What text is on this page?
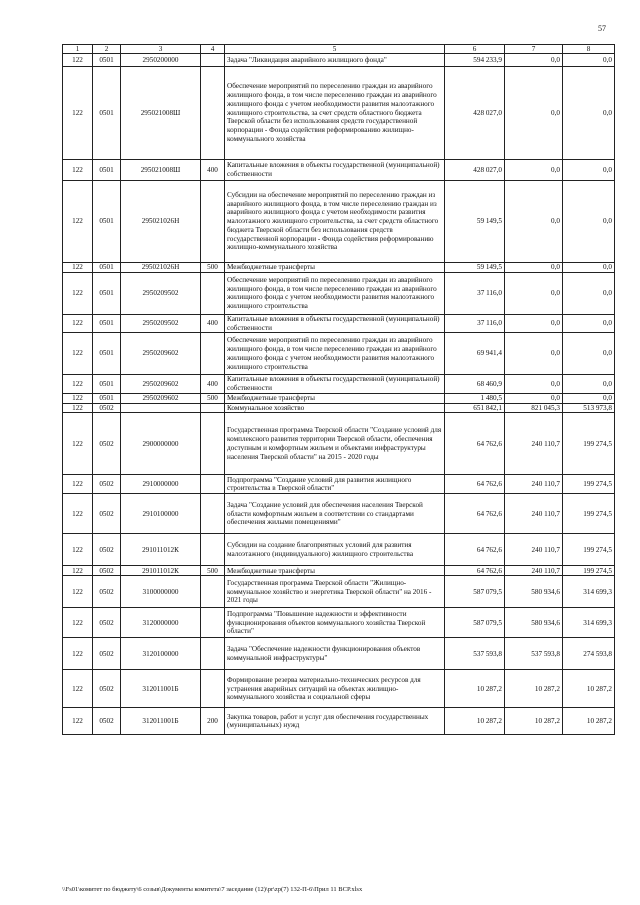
57
1	2	3	4	5	6	7	8
122	0501	2950200000		Задача "Ликвидация аварийного жилищного фонда"	594 233,9	0,0	0,0
122	0501	295021008Ш		Обеспечение мероприятий по переселению граждан из аварийного жилищного фонда, в том числе переселению граждан из аварийного жилищного фонда с учетом необходимости развития малоэтажного жилищного строительства, за счет средств областного бюджета Тверской области без использования средств государственной корпорации - Фонда содействия реформированию жилищно-коммунального хозяйства	428 027,0	0,0	0,0
122	0501	295021008Ш	400	Капитальные вложения в объекты государственной (муниципальной) собственности	428 027,0	0,0	0,0
122	0501	295021026Н		Субсидии на обеспечение мероприятий по переселению граждан из аварийного жилищного фонда, в том числе переселению граждан из аварийного жилищного фонда с учетом необходимости развития малоэтажного жилищного строительства, за счет средств областного бюджета Тверской области без использования средств государственной корпорации - Фонда содействия реформированию жилищно-коммунального хозяйства	59 149,5	0,0	0,0
122	0501	295021026Н	500	Межбюджетные трансферты	59 149,5	0,0	0,0
122	0501	2950209502		Обеспечение мероприятий по переселению граждан из аварийного жилищного фонда, в том числе переселению граждан из аварийного жилищного фонда с учетом необходимости развития малоэтажного жилищного строительства	37 116,0	0,0	0,0
122	0501	2950209502	400	Капитальные вложения в объекты государственной (муниципальной) собственности	37 116,0	0,0	0,0
122	0501	2950209602		Обеспечение мероприятий по переселению граждан из аварийного жилищного фонда, в том числе переселению граждан из аварийного жилищного фонда с учетом необходимости развития малоэтажного жилищного строительства	69 941,4	0,0	0,0
122	0501	2950209602	400	Капитальные вложения в объекты государственной (муниципальной) собственности	68 460,9	0,0	0,0
122	0501	2950209602	500	Межбюджетные трансферты	1 480,5	0,0	0,0
122	0502			Коммунальное хозяйство	651 842,1	821 045,3	513 973,8
122	0502	2900000000		Государственная программа Тверской области "Создание условий для комплексного развития территории Тверской области, обеспечения доступным и комфортным жильем и объектами инфраструктуры населения Тверской области" на 2015 - 2020 годы	64 762,6	240 110,7	199 274,5
122	0502	2910000000		Подпрограмма "Создание условий для развития жилищного строительства в Тверской области"	64 762,6	240 110,7	199 274,5
122	0502	2910100000		Задача "Создание условий для обеспечения населения Тверской области комфортным жильем в соответствии со стандартами обеспечения жилыми помещениями"	64 762,6	240 110,7	199 274,5
122	0502	291011012К		Субсидии на создание благоприятных условий для развития малоэтажного (индивидуального) жилищного строительства	64 762,6	240 110,7	199 274,5
122	0502	291011012К	500	Межбюджетные трансферты	64 762,6	240 110,7	199 274,5
122	0502	3100000000		Государственная программа Тверской области "Жилищно-коммунальное хозяйство и энергетика Тверской области" на 2016 - 2021 годы	587 079,5	580 934,6	314 699,3
122	0502	3120000000		Подпрограмма "Повышение надежности и эффективности функционирования объектов коммунального хозяйства Тверской области"	587 079,5	580 934,6	314 699,3
122	0502	3120100000		Задача "Обеспечение надежности функционирования объектов коммунальной инфраструктуры"	537 593,8	537 593,8	274 593,8
122	0502	312011001Б		Формирование резерва материально-технических ресурсов для устранения аварийных ситуаций на объектах жилищно-коммунального хозяйства и социальной сферы	10 287,2	10 287,2	10 287,2
122	0502	312011001Б	200	Закупка товаров, работ и услуг для обеспечения государственных (муниципальных) нужд	10 287,2	10 287,2	10 287,2
\\Fs01\комитет по бюджету\6 созыв\Документы комитета\7 заседание (12)\pr\zp(7) 132-П-6\Прил 11 ВСР.xlsx
